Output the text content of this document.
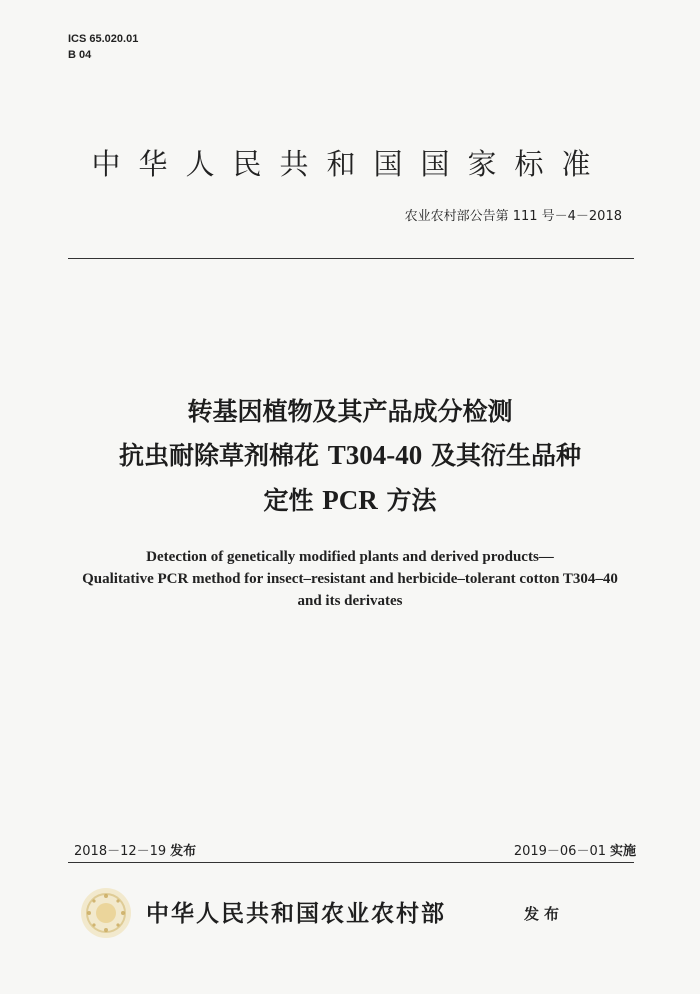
ICS 65.020.01
B 04
中华人民共和国国家标准
农业农村部公告第 111 号－4－2018
转基因植物及其产品成分检测
抗虫耐除草剂棉花 T304-40 及其衍生品种
定性 PCR 方法
Detection of genetically modified plants and derived products—
Qualitative PCR method for insect–resistant and herbicide–tolerant cotton T304–40
and its derivates
2018－12－19 发布	2019－06－01 实施
中华人民共和国农业农村部	发布
